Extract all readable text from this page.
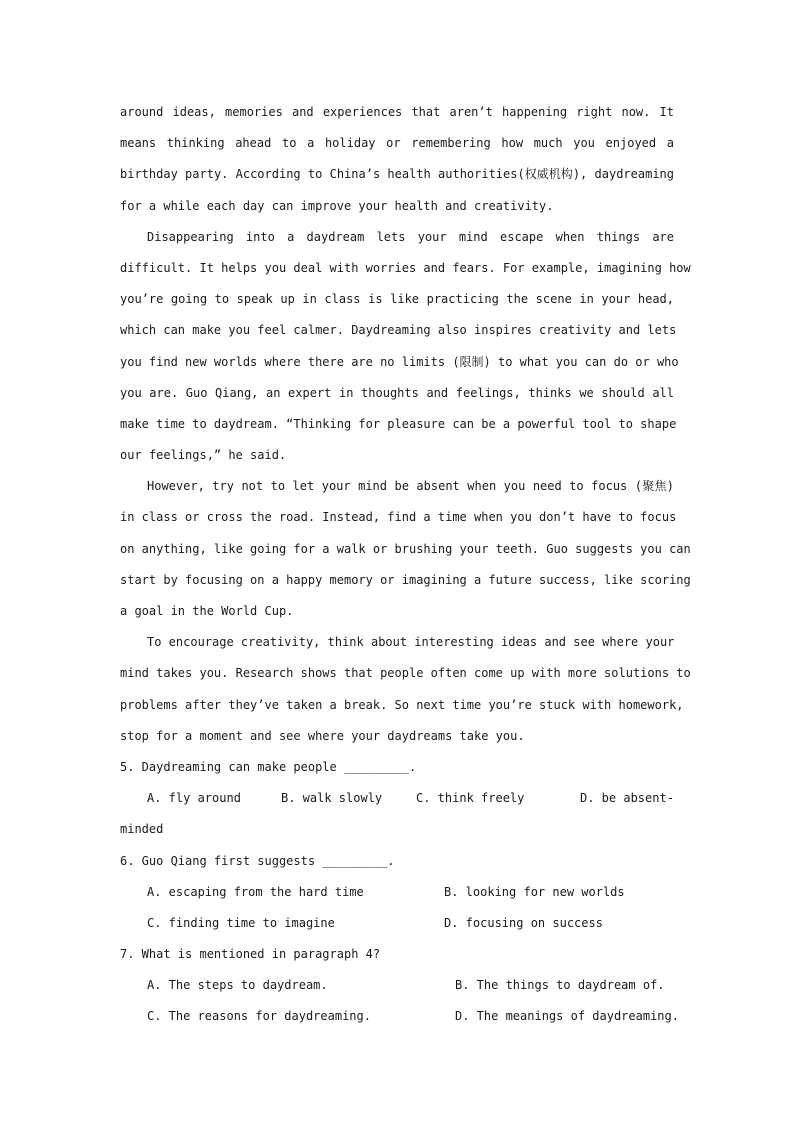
around ideas, memories and experiences that aren’t happening right now. It
means thinking ahead to a holiday or remembering how much you enjoyed a
birthday party. According to China’s health authorities(权威机构), daydreaming
for a while each day can improve your health and creativity.
Disappearing into a daydream lets your mind escape when things are
difficult. It helps you deal with worries and fears. For example, imagining how
you’re going to speak up in class is like practicing the scene in your head,
which can make you feel calmer. Daydreaming also inspires creativity and lets
you find new worlds where there are no limits (限制) to what you can do or who
you are. Guo Qiang, an expert in thoughts and feelings, thinks we should all
make time to daydream. “Thinking for pleasure can be a powerful tool to shape
our feelings,” he said.
However, try not to let your mind be absent when you need to focus (聚焦)
in class or cross the road. Instead, find a time when you don’t have to focus
on anything, like going for a walk or brushing your teeth. Guo suggests you can
start by focusing on a happy memory or imagining a future success, like scoring
a goal in the World Cup.
To encourage creativity, think about interesting ideas and see where your
mind takes you. Research shows that people often come up with more solutions to
problems after they’ve taken a break. So next time you’re stuck with homework,
stop for a moment and see where your daydreams take you.
5. Daydreaming can make people _________.
A. fly around	B. walk slowly	C. think freely	D. be absent-
minded
6. Guo Qiang first suggests _________.
A. escaping from the hard time	B. looking for new worlds
C. finding time to imagine	D. focusing on success
7. What is mentioned in paragraph 4?
A. The steps to daydream.	B. The things to daydream of.
C. The reasons for daydreaming.	D. The meanings of daydreaming.
